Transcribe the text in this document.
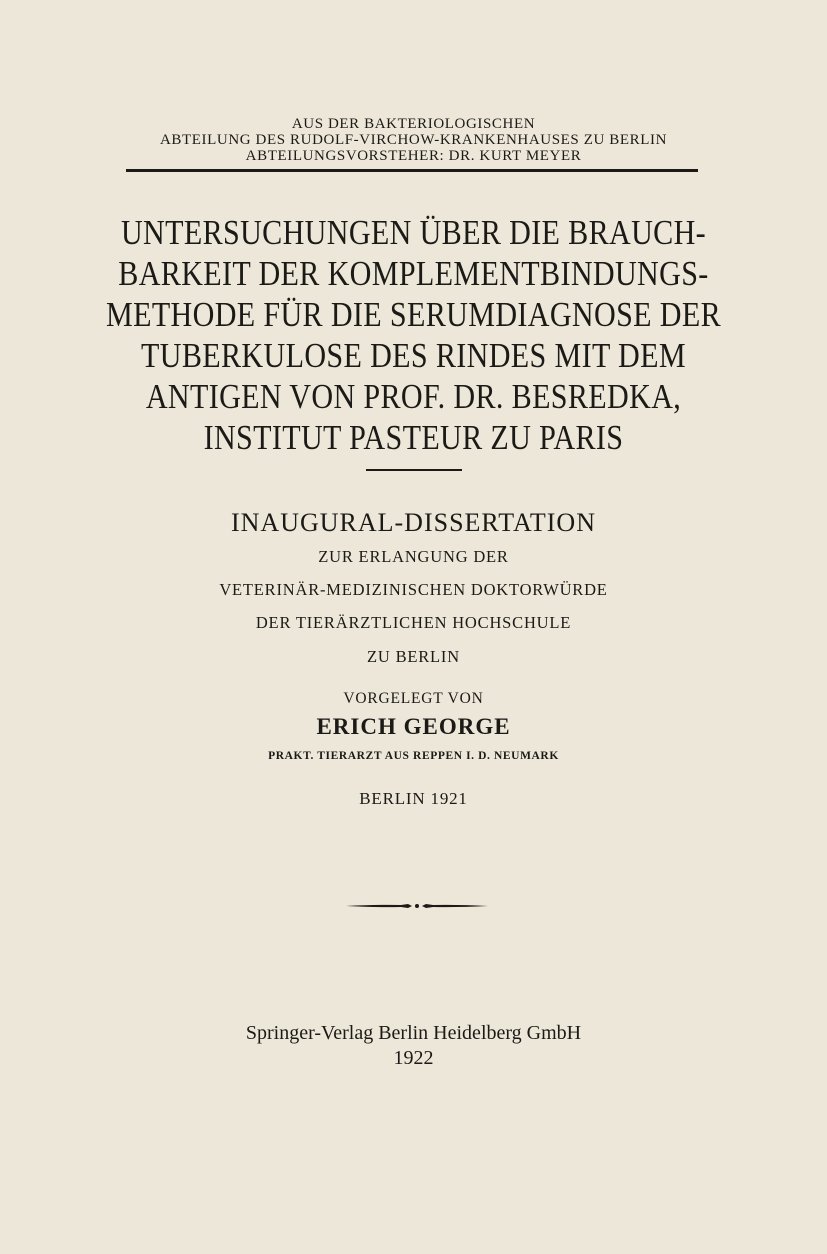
AUS DER BAKTERIOLOGISCHEN
ABTEILUNG DES RUDOLF-VIRCHOW-KRANKENHAUSES ZU BERLIN
ABTEILUNGSVORSTEHER: DR. KURT MEYER
UNTERSUCHUNGEN ÜBER DIE BRAUCH-
BARKEIT DER KOMPLEMENTBINDUNGS-
METHODE FÜR DIE SERUMDIAGNOSE DER
TUBERKULOSE DES RINDES MIT DEM
ANTIGEN VON PROF. DR. BESREDKA,
INSTITUT PASTEUR ZU PARIS
INAUGURAL-DISSERTATION
ZUR ERLANGUNG DER
VETERINÄR-MEDIZINISCHEN DOKTORWÜRDE
DER TIERÄRZTLICHEN HOCHSCHULE
ZU BERLIN
VORGELEGT VON
ERICH GEORGE
PRAKT. TIERARZT AUS REPPEN I. D. NEUMARK
BERLIN 1921
Springer-Verlag Berlin Heidelberg GmbH
1922
